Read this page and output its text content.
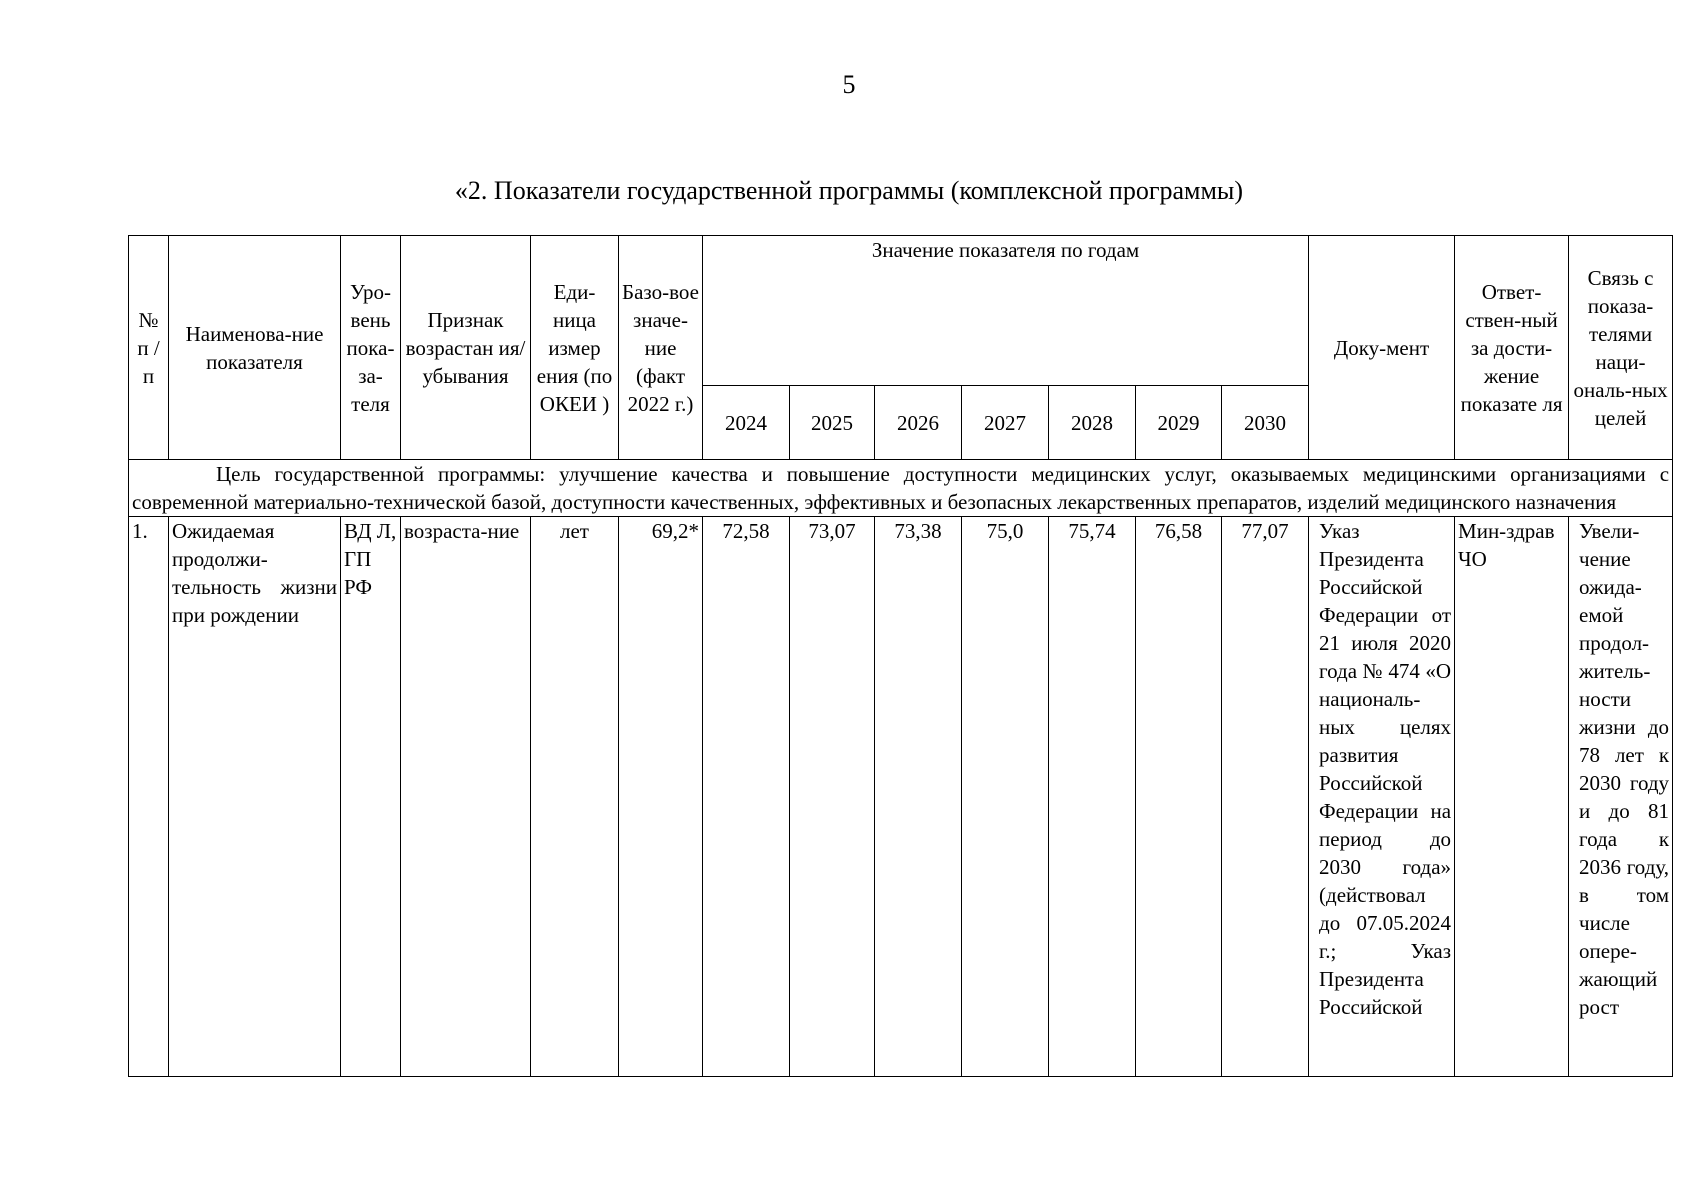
5
«2. Показатели государственной программы (комплексной программы)
№ п / п	Наименова-ние показателя	Уро-вень пока-за-теля	Признак возрастан ия/ убывания	Еди-ница измер ения (по ОКЕИ )	Базо-вое значе-ние (факт 2022 г.)	Значение показателя по годам							Доку-мент	Ответ-ствен-ный за дости-жение показате ля	Связь с показа-телями наци-ональ-ных целей
						2024	2025	2026	2027	2028	2029	2030			
Цель государственной программы: улучшение качества и повышение доступности медицинских услуг, оказываемых медицинскими организациями с современной материально-технической базой, доступности качественных, эффективных и безопасных лекарственных препаратов, изделий медицинского назначения															
1.	Ожидаемая продолжи-тельность жизни при рождении	ВД Л, ГП РФ	возраста-ние	лет	69,2*	72,58	73,07	73,38	75,0	75,74	76,58	77,07	Указ Президента Российской Федерации от 21 июля 2020 года № 474 «О националь-ных целях развития Российской Федерации на период до 2030 года» (действовал до 07.05.2024 г.; Указ Президента Российской	Мин-здрав ЧО	Увели-чение ожида-емой продол-житель-ности жизни до 78 лет к 2030 году и до 81 года к 2036 году, в том числе опере-жающий рост
